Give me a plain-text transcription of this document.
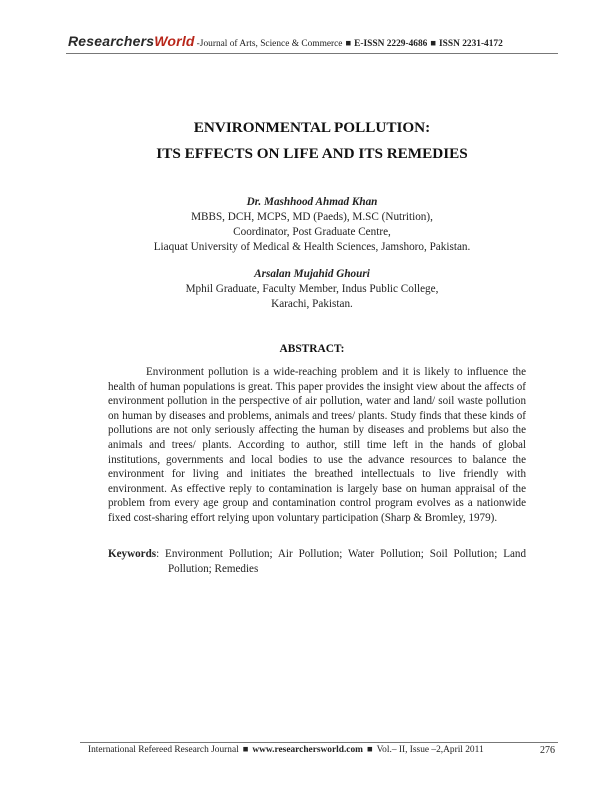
ResearchersWorld -Journal of Arts, Science & Commerce ■ E-ISSN 2229-4686 ■ ISSN 2231-4172
ENVIRONMENTAL POLLUTION:
ITS EFFECTS ON LIFE AND ITS REMEDIES
Dr. Mashhood Ahmad Khan
MBBS, DCH, MCPS, MD (Paeds), M.SC (Nutrition),
Coordinator, Post Graduate Centre,
Liaquat University of Medical & Health Sciences, Jamshoro, Pakistan.
Arsalan Mujahid Ghouri
Mphil Graduate, Faculty Member, Indus Public College,
Karachi, Pakistan.
ABSTRACT:

Environment pollution is a wide-reaching problem and it is likely to influence the health of human populations is great. This paper provides the insight view about the affects of environment pollution in the perspective of air pollution, water and land/ soil waste pollution on human by diseases and problems, animals and trees/ plants. Study finds that these kinds of pollutions are not only seriously affecting the human by diseases and problems but also the animals and trees/ plants. According to author, still time left in the hands of global institutions, governments and local bodies to use the advance resources to balance the environment for living and initiates the breathed intellectuals to live friendly with environment. As effective reply to contamination is largely base on human appraisal of the problem from every age group and contamination control program evolves as a nationwide fixed cost-sharing effort relying upon voluntary participation (Sharp & Bromley, 1979).

Keywords: Environment Pollution; Air Pollution; Water Pollution; Soil Pollution; Land Pollution; Remedies
International Refereed Research Journal ■ www.researchersworld.com ■ Vol.– II, Issue –2,April 2011	276
